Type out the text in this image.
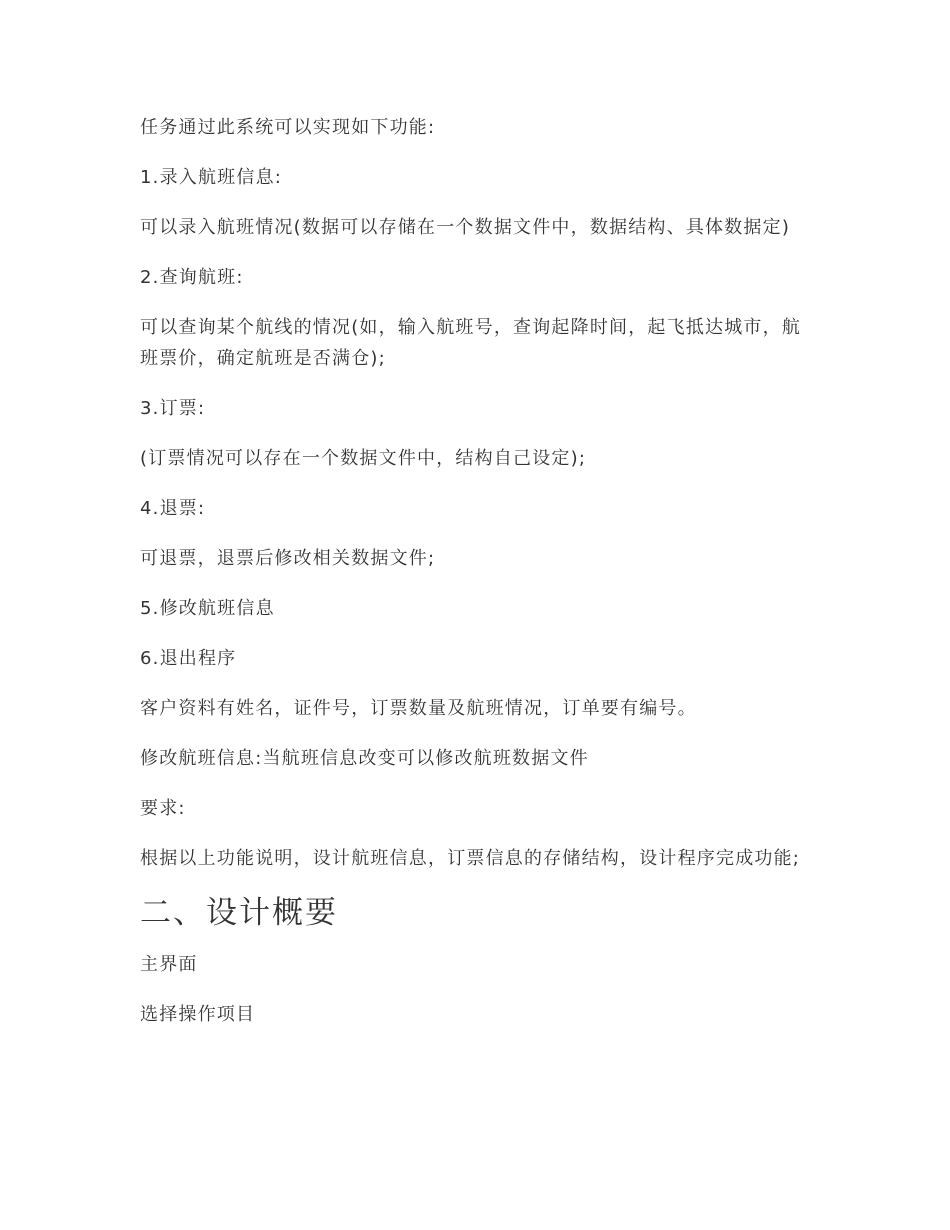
任务通过此系统可以实现如下功能:

1.录入航班信息:

可以录入航班情况(数据可以存储在一个数据文件中，数据结构、具体数据定)

2.查询航班:

可以查询某个航线的情况(如，输入航班号，查询起降时间，起飞抵达城市，航班票价，确定航班是否满仓);

3.订票:

(订票情况可以存在一个数据文件中，结构自己设定);

4.退票:

可退票，退票后修改相关数据文件;

5.修改航班信息

6.退出程序

客户资料有姓名，证件号，订票数量及航班情况，订单要有编号。

修改航班信息:当航班信息改变可以修改航班数据文件

要求:

根据以上功能说明，设计航班信息，订票信息的存储结构，设计程序完成功能;

二、设计概要

主界面

选择操作项目
